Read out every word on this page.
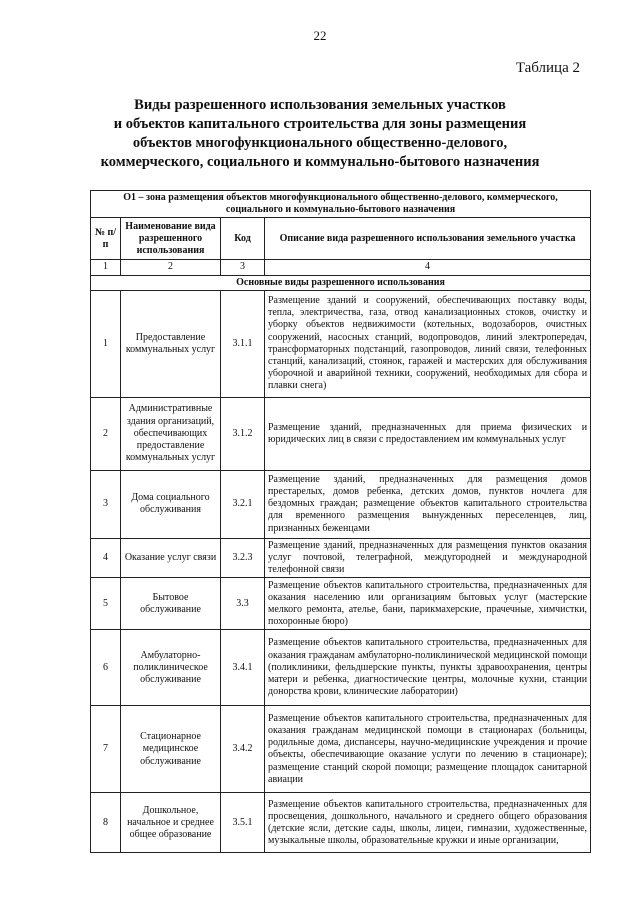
22
Таблица 2
Виды разрешенного использования земельных участков
и объектов капитального строительства для зоны размещения
объектов многофункционального общественно-делового,
коммерческого, социального и коммунально-бытового назначения
О1 – зона размещения объектов многофункционального общественно-делового, коммерческого, социального и коммунально-бытового назначения			
№ п/п	Наименование вида разрешенного использования	Код	Описание вида разрешенного использования земельного участка
1	2	3	4
Основные виды разрешенного использования			
1	Предоставление коммунальных услуг	3.1.1	Размещение зданий и сооружений, обеспечивающих поставку воды, тепла, электричества, газа, отвод канализационных стоков, очистку и уборку объектов недвижимости (котельных, водозаборов, очистных сооружений, насосных станций, водопроводов, линий электропередач, трансформаторных подстанций, газопроводов, линий связи, телефонных станций, канализаций, стоянок, гаражей и мастерских для обслуживания уборочной и аварийной техники, сооружений, необходимых для сбора и плавки снега)
2	Административные здания организаций, обеспечивающих предоставление коммунальных услуг	3.1.2	Размещение зданий, предназначенных для приема физических и юридических лиц в связи с предоставлением им коммунальных услуг
3	Дома социального обслуживания	3.2.1	Размещение зданий, предназначенных для размещения домов престарелых, домов ребенка, детских домов, пунктов ночлега для бездомных граждан; размещение объектов капитального строительства для временного размещения вынужденных переселенцев, лиц, признанных беженцами
4	Оказание услуг связи	3.2.3	Размещение зданий, предназначенных для размещения пунктов оказания услуг почтовой, телеграфной, междугородней и международной телефонной связи
5	Бытовое обслуживание	3.3	Размещение объектов капитального строительства, предназначенных для оказания населению или организациям бытовых услуг (мастерские мелкого ремонта, ателье, бани, парикмахерские, прачечные, химчистки, похоронные бюро)
6	Амбулаторно-поликлиническое обслуживание	3.4.1	Размещение объектов капитального строительства, предназначенных для оказания гражданам амбулаторно-поликлинической медицинской помощи (поликлиники, фельдшерские пункты, пункты здравоохранения, центры матери и ребенка, диагностические центры, молочные кухни, станции донорства крови, клинические лаборатории)
7	Стационарное медицинское обслуживание	3.4.2	Размещение объектов капитального строительства, предназначенных для оказания гражданам медицинской помощи в стационарах (больницы, родильные дома, диспансеры, научно-медицинские учреждения и прочие объекты, обеспечивающие оказание услуги по лечению в стационаре); размещение станций скорой помощи; размещение площадок санитарной авиации
8	Дошкольное, начальное и среднее общее образование	3.5.1	Размещение объектов капитального строительства, предназначенных для просвещения, дошкольного, начального и среднего общего образования (детские ясли, детские сады, школы, лицеи, гимназии, художественные, музыкальные школы, образовательные кружки и иные организации,
